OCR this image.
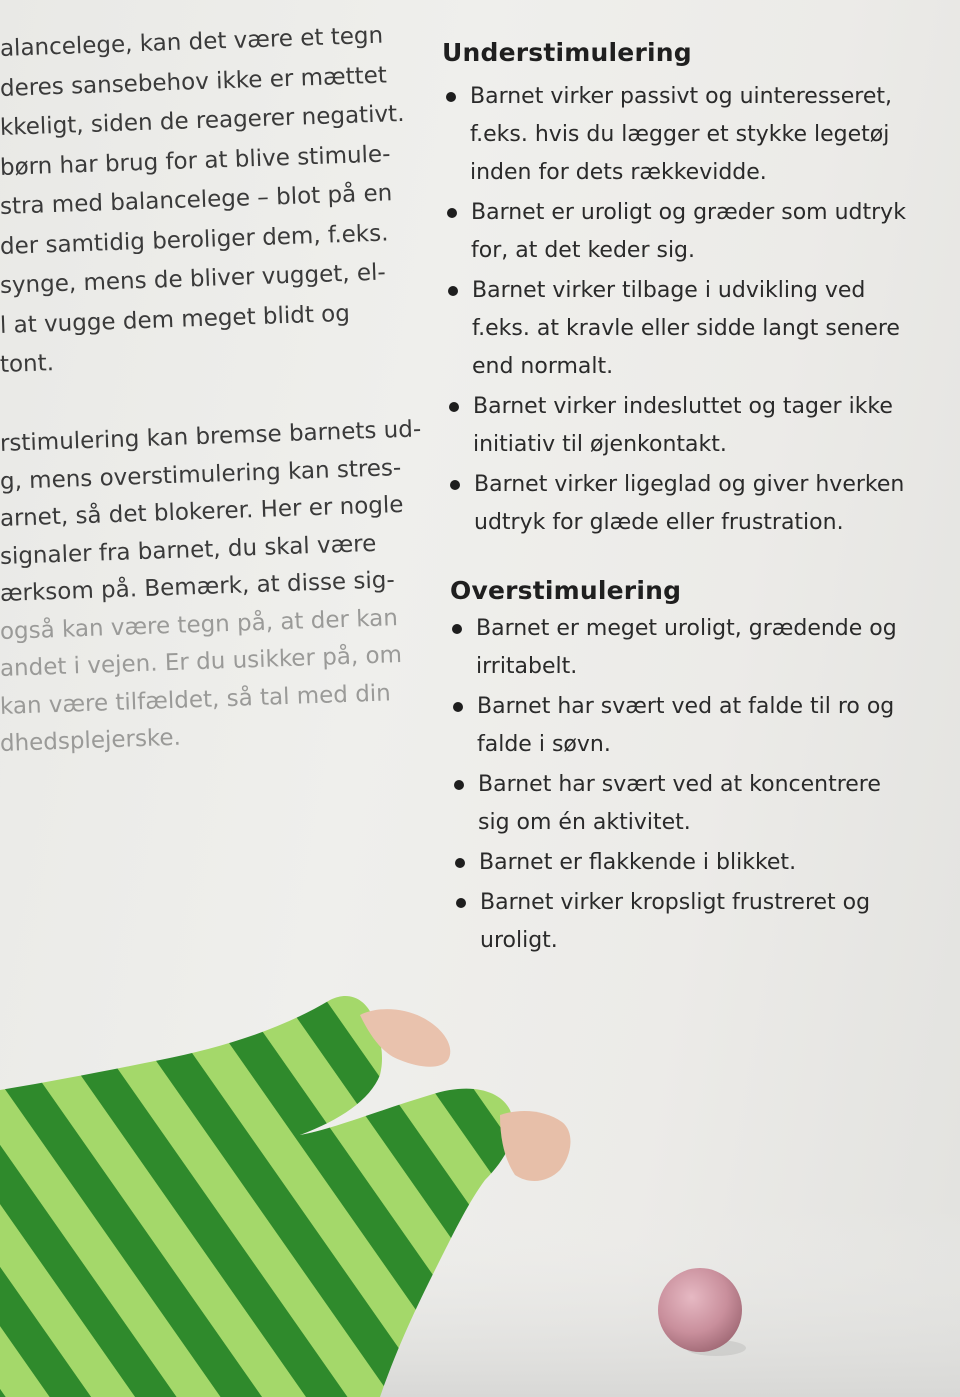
alancelege, kan det være et tegn
deres sansebehov ikke er mættet
kkeligt, siden de reagerer negativt.
børn har brug for at blive stimule-
stra med balancelege – blot på en
der samtidig beroliger dem, f.eks.
synge, mens de bliver vugget, el-
l at vugge dem meget blidt og
tont.
rstimulering kan bremse barnets ud-
g, mens overstimulering kan stres-
arnet, så det blokerer. Her er nogle
signaler fra barnet, du skal være
ærksom på. Bemærk, at disse sig-
også kan være tegn på, at der kan
andet i vejen. Er du usikker på, om
kan være tilfældet, så tal med din
dhedsplejerske.
Understimulering
Barnet virker passivt og uinteresseret,
f.eks. hvis du lægger et stykke legetøj
inden for dets rækkevidde.
Barnet er uroligt og græder som udtryk
for, at det keder sig.
Barnet virker tilbage i udvikling ved
f.eks. at kravle eller sidde langt senere
end normalt.
Barnet virker indesluttet og tager ikke
initiativ til øjenkontakt.
Barnet virker ligeglad og giver hverken
udtryk for glæde eller frustration.
Overstimulering
Barnet er meget uroligt, grædende og
irritabelt.
Barnet har svært ved at falde til ro og
falde i søvn.
Barnet har svært ved at koncentrere
sig om én aktivitet.
Barnet er flakkende i blikket.
Barnet virker kropsligt frustreret og
uroligt.
